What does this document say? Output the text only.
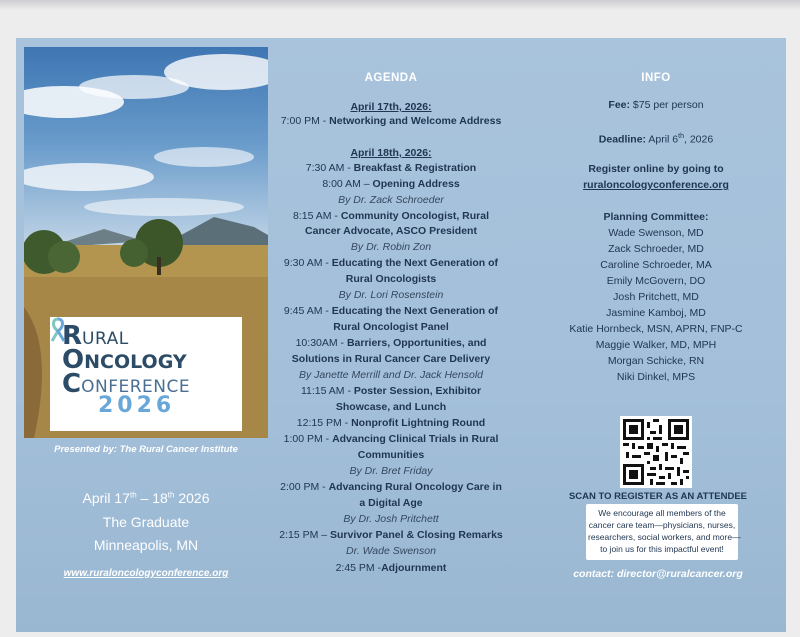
RURAL
ONCOLOGY
CONFERENCE
2026
Presented by: The Rural Cancer Institute
April 17th – 18th 2026
The Graduate
Minneapolis, MN
www.ruraloncologyconference.org
AGENDA
April 17th, 2026:
7:00 PM - Networking and Welcome Address
April 18th, 2026:
7:30 AM - Breakfast & Registration
8:00 AM – Opening Address
By Dr. Zack Schroeder
8:15 AM - Community Oncologist, Rural
Cancer Advocate, ASCO President
By Dr. Robin Zon
9:30 AM - Educating the Next Generation of
Rural Oncologists
By Dr. Lori Rosenstein
9:45 AM - Educating the Next Generation of
Rural Oncologist Panel
10:30AM - Barriers, Opportunities, and
Solutions in Rural Cancer Care Delivery
By Janette Merrill and Dr. Jack Hensold
11:15 AM - Poster Session, Exhibitor
Showcase, and Lunch
12:15 PM - Nonprofit Lightning Round
1:00 PM - Advancing Clinical Trials in Rural
Communities
By Dr. Bret Friday
2:00 PM - Advancing Rural Oncology Care in
a Digital Age
By Dr. Josh Pritchett
2:15 PM – Survivor Panel & Closing Remarks
Dr. Wade Swenson
2:45 PM -Adjournment
INFO
Fee: $75 per person
Deadline: April 6th, 2026
Register online by going to
ruraloncologyconference.org
Planning Committee:
Wade Swenson, MD
Zack Schroeder, MD
Caroline Schroeder, MA
Emily McGovern, DO
Josh Pritchett, MD
Jasmine Kamboj, MD
Katie Hornbeck, MSN, APRN, FNP-C
Maggie Walker, MD, MPH
Morgan Schicke, RN
Niki Dinkel, MPS
SCAN TO REGISTER AS AN ATTENDEE
We encourage all members of the
cancer care team—physicians, nurses,
researchers, social workers, and more—
to join us for this impactful event!
contact: director@ruralcancer.org
